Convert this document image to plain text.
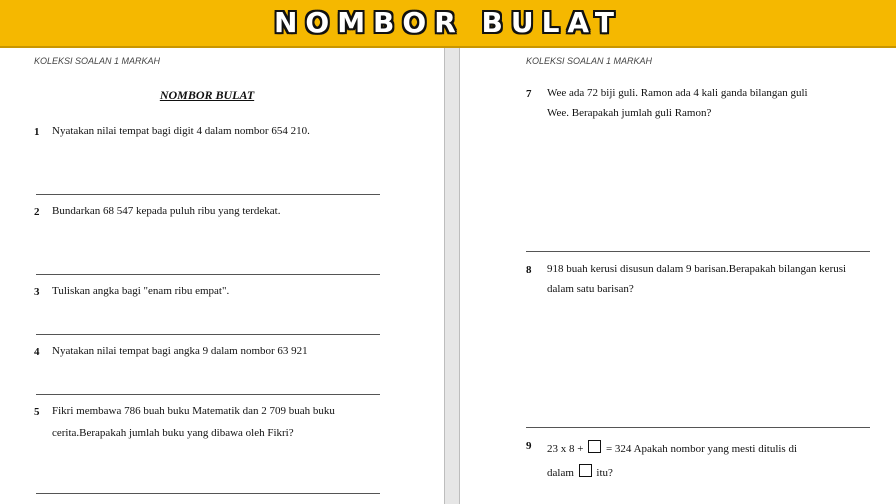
NOMBOR BULAT
KOLEKSI SOALAN 1 MARKAH
NOMBOR BULAT
1 Nyatakan nilai tempat bagi digit 4 dalam nombor 654 210.
2 Bundarkan 68 547 kepada puluh ribu yang terdekat.
3 Tuliskan angka bagi "enam ribu empat".
4 Nyatakan nilai tempat bagi angka 9 dalam nombor 63 921
5 Fikri membawa 786 buah buku Matematik dan 2 709 buah buku
cerita.Berapakah jumlah buku yang dibawa oleh Fikri?
KOLEKSI SOALAN 1 MARKAH
7 Wee ada 72 biji guli. Ramon ada 4 kali ganda bilangan guli
Wee. Berapakah jumlah guli Ramon?
8 918 buah kerusi disusun dalam 9 barisan.Berapakah bilangan kerusi
dalam satu barisan?
9 23 x 8 + = 324 Apakah nombor yang mesti ditulis di
dalam itu?
